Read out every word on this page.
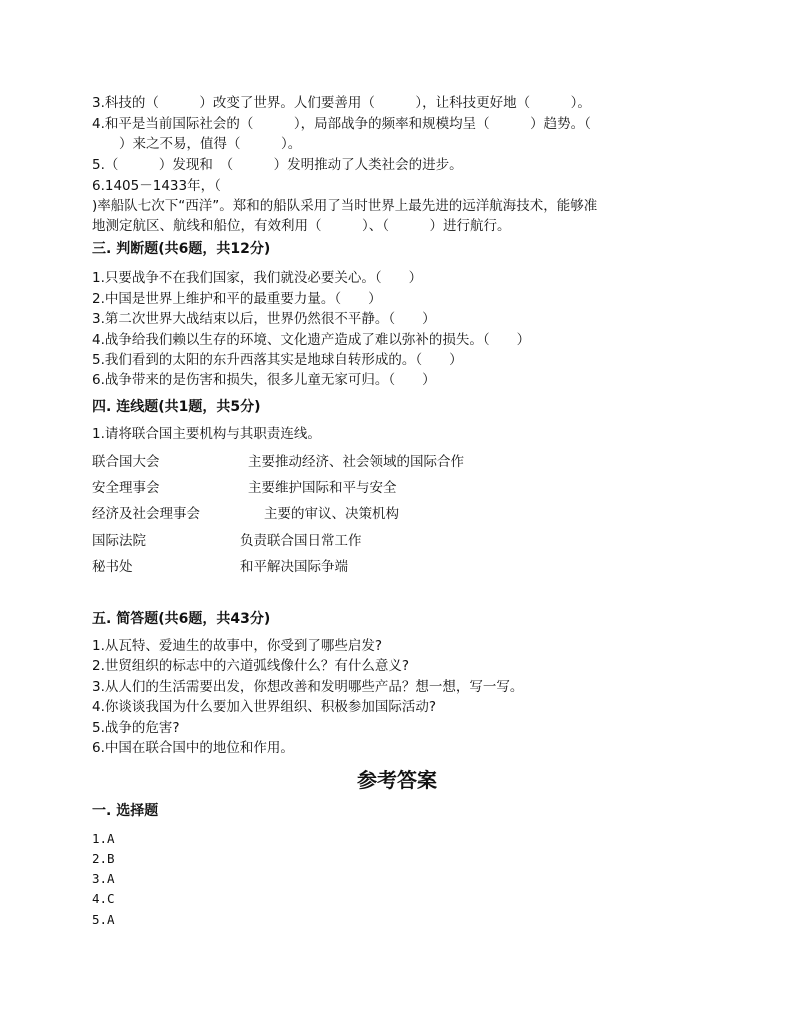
3.科技的（　　　）改变了世界。人们要善用（　　　），让科技更好地（　　　）。
4.和平是当前国际社会的（　　　），局部战争的频率和规模均呈（　　　）趋势。（
　　）来之不易，值得（　　　）。
5.（　　　）发现和　（　　　）发明推动了人类社会的进步。
6.1405－1433年，（
)率船队七次下“西洋”。郑和的船队采用了当时世界上最先进的远洋航海技术，能够准
地测定航区、航线和船位，有效利用（　　　）、（　　　）进行航行。
三. 判断题(共6题，共12分)
1.只要战争不在我们国家，我们就没必要关心。（　　）
2.中国是世界上维护和平的最重要力量。（　　）
3.第二次世界大战结束以后，世界仍然很不平静。（　　）
4.战争给我们赖以生存的环境、文化遗产造成了难以弥补的损失。（　　）
5.我们看到的太阳的东升西落其实是地球自转形成的。（　　）
6.战争带来的是伤害和损失，很多儿童无家可归。（　　）
四. 连线题(共1题，共5分)
1.请将联合国主要机构与其职责连线。
联合国大会	主要推动经济、社会领域的国际合作
安全理事会	主要维护国际和平与安全
经济及社会理事会	主要的审议、决策机构
国际法院	负责联合国日常工作
秘书处	和平解决国际争端
五. 简答题(共6题，共43分)
1.从瓦特、爱迪生的故事中，你受到了哪些启发?
2.世贸组织的标志中的六道弧线像什么？有什么意义?
3.从人们的生活需要出发，你想改善和发明哪些产品？想一想，写一写。
4.你谈谈我国为什么要加入世界组织、积极参加国际活动?
5.战争的危害?
6.中国在联合国中的地位和作用。
参考答案
一. 选择题
1.A
2.B
3.A
4.C
5.A
